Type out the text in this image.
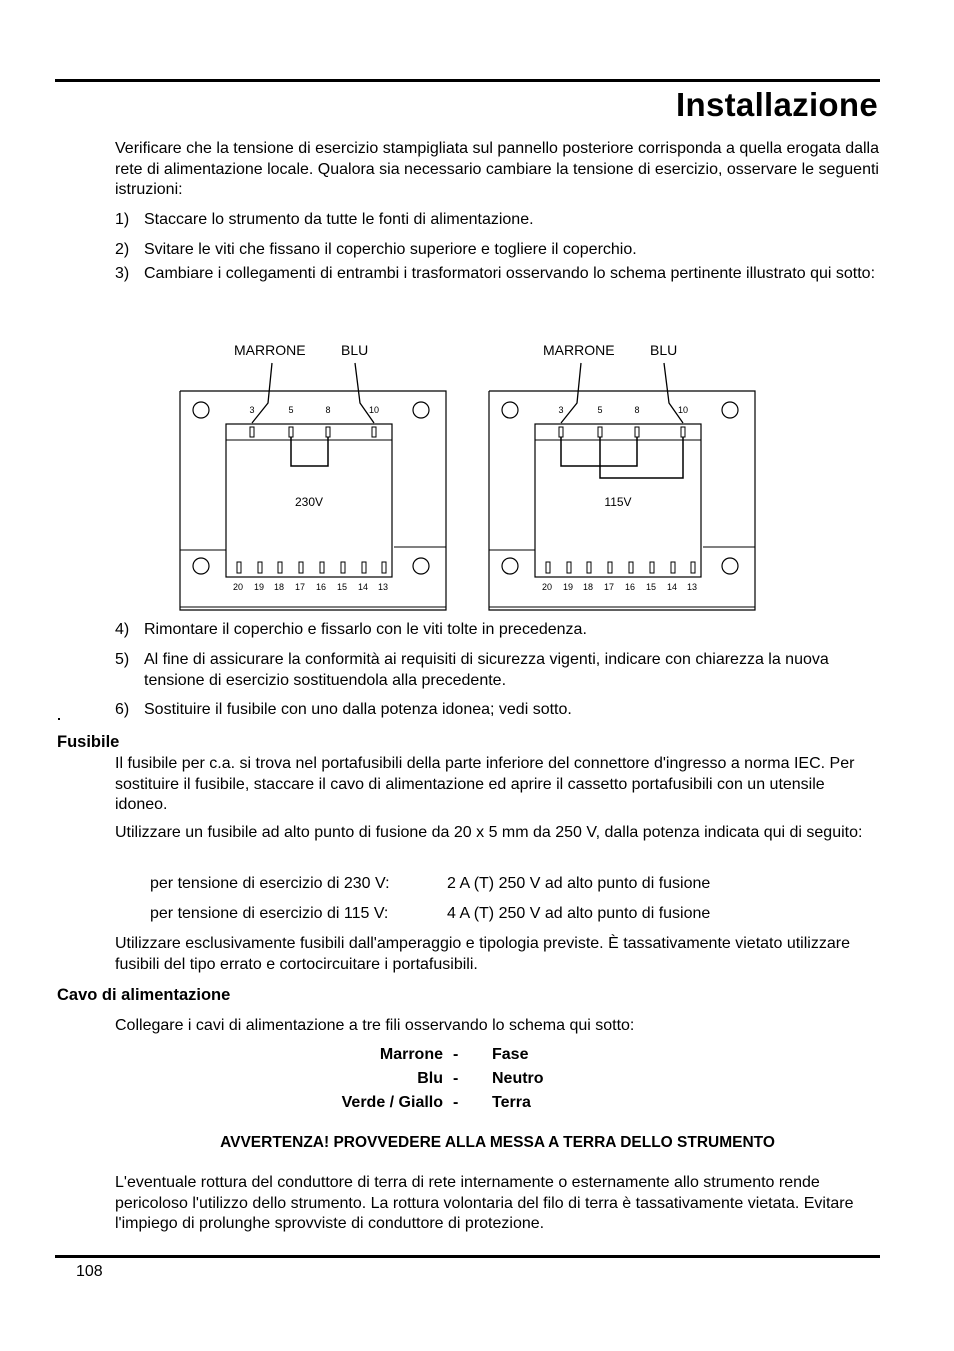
Installazione
Verificare che la tensione di esercizio stampigliata sul pannello posteriore corrisponda a quella erogata dalla rete di alimentazione locale. Qualora sia necessario cambiare la tensione di esercizio, osservare le seguenti istruzioni:
1) Staccare lo strumento da tutte le fonti di alimentazione.
2) Svitare le viti che fissano il coperchio superiore e togliere il coperchio.
3) Cambiare i collegamenti di entrambi i trasformatori osservando lo schema pertinente illustrato qui sotto:
MARRONE	BLU
3	5	8	10
230V
20 19 18 17 16 15 14 13
MARRONE	BLU
3	5	8	10
115V
20 19 18 17 16 15 14 13
4) Rimontare il coperchio e fissarlo con le viti tolte in precedenza.
5) Al fine di assicurare la conformità ai requisiti di sicurezza vigenti, indicare con chiarezza la nuova tensione di esercizio sostituendola alla precedente.
6) Sostituire il fusibile con uno dalla potenza idonea; vedi sotto.
Fusibile
Il fusibile per c.a. si trova nel portafusibili della parte inferiore del connettore d'ingresso a norma IEC. Per sostituire il fusibile, staccare il cavo di alimentazione ed aprire il cassetto portafusibili con un utensile idoneo.
Utilizzare un fusibile ad alto punto di fusione da 20 x 5 mm da 250 V, dalla potenza indicata qui di seguito:
per tensione di esercizio di 230 V:	2 A (T) 250 V ad alto punto di fusione
per tensione di esercizio di 115 V:	4 A (T) 250 V ad alto punto di fusione
Utilizzare esclusivamente fusibili dall'amperaggio e tipologia previste. È tassativamente vietato utilizzare fusibili del tipo errato e cortocircuitare i portafusibili.
Cavo di alimentazione
Collegare i cavi di alimentazione a tre fili osservando lo schema qui sotto:
Marrone - Fase
Blu - Neutro
Verde / Giallo - Terra
AVVERTENZA! PROVVEDERE ALLA MESSA A TERRA DELLO STRUMENTO
L'eventuale rottura del conduttore di terra di rete internamente o esternamente allo strumento rende pericoloso l'utilizzo dello strumento. La rottura volontaria del filo di terra è tassativamente vietata. Evitare l'impiego di prolunghe sprovviste di conduttore di protezione.
108
